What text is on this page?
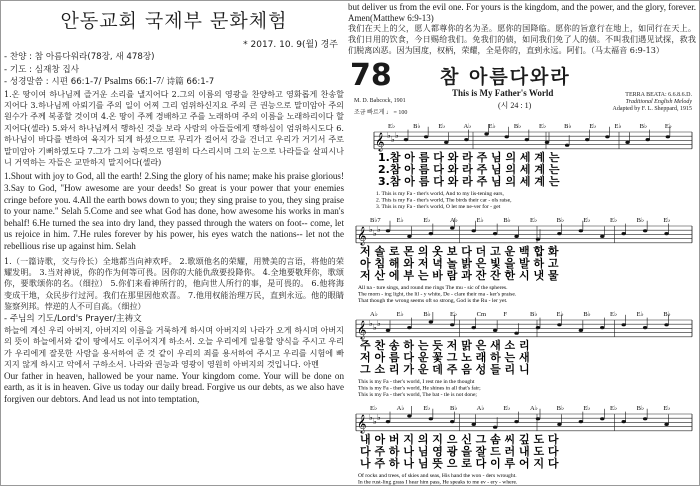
안동교회 국제부 문화체험
* 2017. 10. 9(월) 경주
- 찬양 : 참 아름다워라(78장, 새 478장)
- 기도 : 심재창 집사
- 성경말씀 : 시편 66:1-7/ Psalms 66:1-7/ 诗篇 66:1-7
1.온 땅이여 하나님께 즐거운 소리를 낼지어다 2.그의 이름의 영광을 찬양하고 영화롭게 찬송할지어다 3.하나님께 아뢰기를 주의 일이 어찌 그리 엄위하신지요 주의 큰 권능으로 말미암아 주의 원수가 주께 복종할 것이며 4.온 땅이 주께 경배하고 주를 노래하며 주의 이름을 노래하리이다 할지어다(셀라) 5.와서 하나님께서 행하신 것을 보라 사람의 아들들에게 행하심이 엄위하시도다 6.하나님이 바다를 변하여 육지가 되게 하셨으므로 무리가 걸어서 강을 건너고 우리가 거기서 주로 말미암아 기뻐하였도다 7.그가 그의 능력으로 영원히 다스리시며 그의 눈으로 나라들을 살피시나니 거역하는 자들은 교만하지 말지어다(셀라)
1.Shout with joy to God, all the earth! 2.Sing the glory of his name; make his praise glorious! 3.Say to God, "How awesome are your deeds! So great is your power that your enemies cringe before you. 4.All the earth bows down to you; they sing praise to you, they sing praise to your name." Selah 5.Come and see what God has done, how awesome his works in man's behalf! 6.He turned the sea into dry land, they passed through the waters on foot-- come, let us rejoice in him. 7.He rules forever by his power, his eyes watch the nations-- let not the rebellious rise up against him. Selah
1.（一篇诗歌，交与伶长）全地都当向神欢呼。 2.歌颂他名的荣耀，用赞美的言语，将他的荣耀发明。 3.当对神说，你的作为何等可畏。因你的大能仇敌要投降你。 4.全地要敬拜你，歌颂你，要歌颂你的名。（细拉） 5.你们来看神所行的，他向世人所行的事，是可畏的。 6.他将海变成干地，众民步行过河。我们在那里因他欢喜。 7.他用权能治理万民，直到永远。他的眼睛鉴察列邦。悖逆的人不可自高。（细拉）
- 주님의 기도/Lord's Prayer/主祷文
하늘에 계신 우리 아버지, 아버지의 이름을 거룩하게 하시며 아버지의 나라가 오게 하시며 아버지의 뜻이 하늘에서와 같이 땅에서도 이루어지게 하소서. 오늘 우리에게 일용할 양식을 주시고 우리가 우리에게 잘못한 사람을 용서하여 준 것 같이 우리의 죄를 용서하여 주시고 우리를 시험에 빠지지 않게 하시고 악에서 구하소서. 나라와 권능과 영광이 영원히 아버지의 것입니다. 아멘
Our father in heaven, hallowed be your name. Your kingdom come. Your will be done on earth, as it is in heaven. Give us today our daily bread. Forgive us our debts, as we also have forgiven our debtors. And lead us not into temptation,
but deliver us from the evil one. For yours is the kingdom, and the power, and the glory, forever. Amen(Matthew 6:9-13)
我们在天上的父，愿人都尊你的名为圣。愿你的国降临。愿你的旨意行在地上，如同行在天上。我们日用的饮食，今日赐给我们。免我们的债，如同我们免了人的债。不叫我们遇见试探，救我们脱离凶恶。因为国度，权柄，荣耀，全是你的，直到永远。阿们。（马太福音 6:9-13）
78	참 아름다와라
This is My Father's World
M. D. Babcock, 1901
조금 빠르게 ♩ = 100
(시 24 : 1)
TERRA BEATA: 6.6.8.6.D.
Traditional English Melody
Adapted by F. L. Sheppard, 1915
E♭	B♭	E♭	A♭	E♭	B♭	E♭	B♭	E♭	E♭	B♭	E♭
𝄞 ♭ ♭ ♭
1.참 아 름 다 와 라 주 님 의 세 계 는
2.참 아 름 다 와 라 주 님 의 세 계 는
3.참 아 름 다 와 라 주 님 의 세 계 는
1. This is my Fa - ther's world, And to my lis-tening ears,
2. This is my Fa - ther's world, The birds their car - ols raise,
3. This is my Fa - ther's world, O let me ne-ver for - get
B♭7 E♭	E♭	A♭	E♭	B♭	E♭	B♭	E♭	E♭	B♭	E♭
𝄞 ♭ ♭ ♭
저 솔 로 몬 의 옷 보 다 더 고 운 백 합 화
아 침 해 와 저 녁 놀 밝 은 빛 을 발 하 고
저 산 에 부 는 바 람 과 잔 잔 한 시 냇 물
All na - ture sings, and round me rings The mu - sic of the spheres.
The morn - ing light, the lil - y white, De - clare their ma - ker's praise.
That though the wrong seems oft so strong, God is the Ru - ler yet.
A♭	E♭	B♭	E♭	Cm	F	B♭	E♭	B♭	E♭	E♭	B♭
𝄞 ♭ ♭ ♭
주 찬 송 하 는 듯 저 맑 은 새 소 리
저 아 름 다 운 꽃 그 노 래 하 는 새
그 소 리 가 운 데 주 음 성 들 리 니
This is my Fa - ther's world, I rest me in the thought
This is my Fa - ther's world, He shines in all that's fair;
This is my Fa - ther's world, The bat - tle is not done;
E♭	A♭	E♭	B♭	A♭	E♭	A♭	B♭	E♭	E♭	B♭	E♭
𝄞 ♭ ♭ ♭
내 아 버 지 의 지 으 신 그 솜 씨 깊 도 다
다 주 하 나 님 영 광 을 잘 드 러 내 도 다
나 주 하 나 님 뜻 으 로 다 이 루 어 지 다
Of rocks and trees, of skies and seas, His hand the won - ders wrought.
In the rust-ling grass I hear him pass, He speaks to me ev - ery - where.
